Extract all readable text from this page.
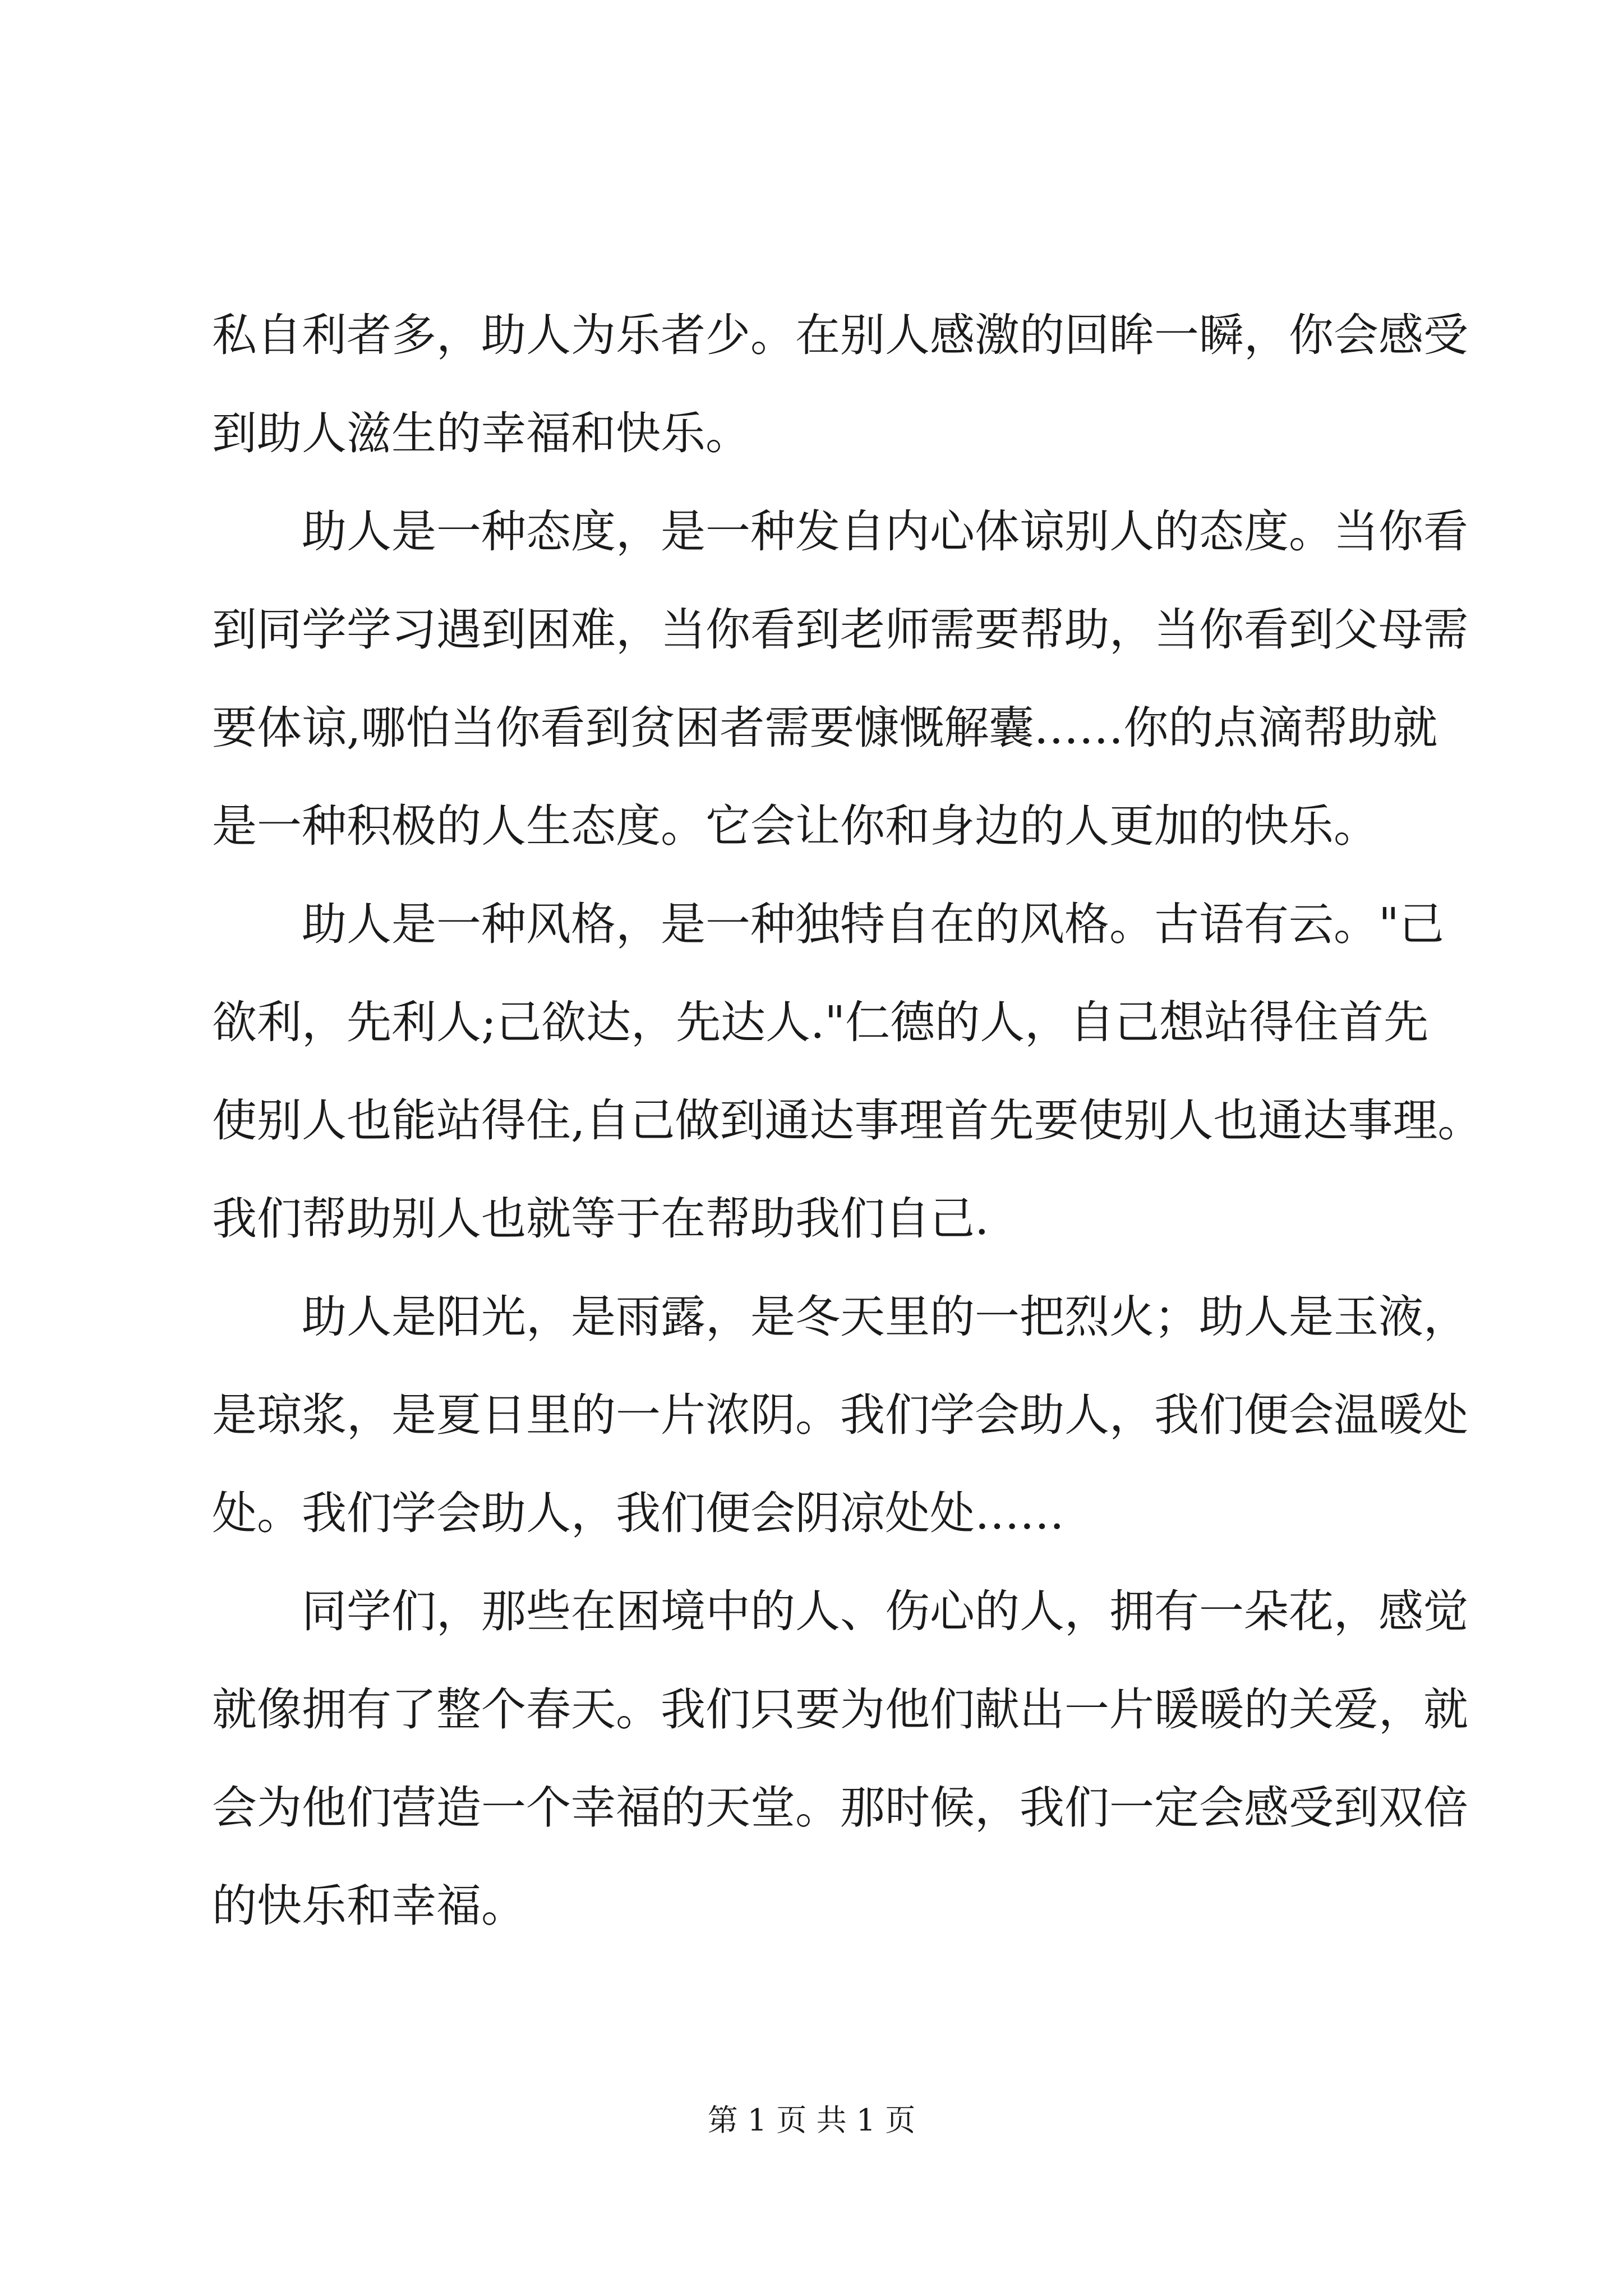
私自利者多，助人为乐者少。在别人感激的回眸一瞬，你会感受
到助人滋生的幸福和快乐。
助人是一种态度，是一种发自内心体谅别人的态度。当你看
到同学学习遇到困难，当你看到老师需要帮助，当你看到父母需
要体谅,哪怕当你看到贫困者需要慷慨解囊……你的点滴帮助就
是一种积极的人生态度。它会让你和身边的人更加的快乐。
助人是一种风格，是一种独特自在的风格。古语有云。"己
欲利，先利人;己欲达，先达人."仁德的人，自己想站得住首先
使别人也能站得住,自己做到通达事理首先要使别人也通达事理。
我们帮助别人也就等于在帮助我们自己.
助人是阳光，是雨露，是冬天里的一把烈火；助人是玉液，
是琼浆，是夏日里的一片浓阴。我们学会助人，我们便会温暖处
处。我们学会助人，我们便会阴凉处处……
同学们，那些在困境中的人、伤心的人，拥有一朵花，感觉
就像拥有了整个春天。我们只要为他们献出一片暖暖的关爱，就
会为他们营造一个幸福的天堂。那时候，我们一定会感受到双倍
的快乐和幸福。
第 1 页 共 1 页
